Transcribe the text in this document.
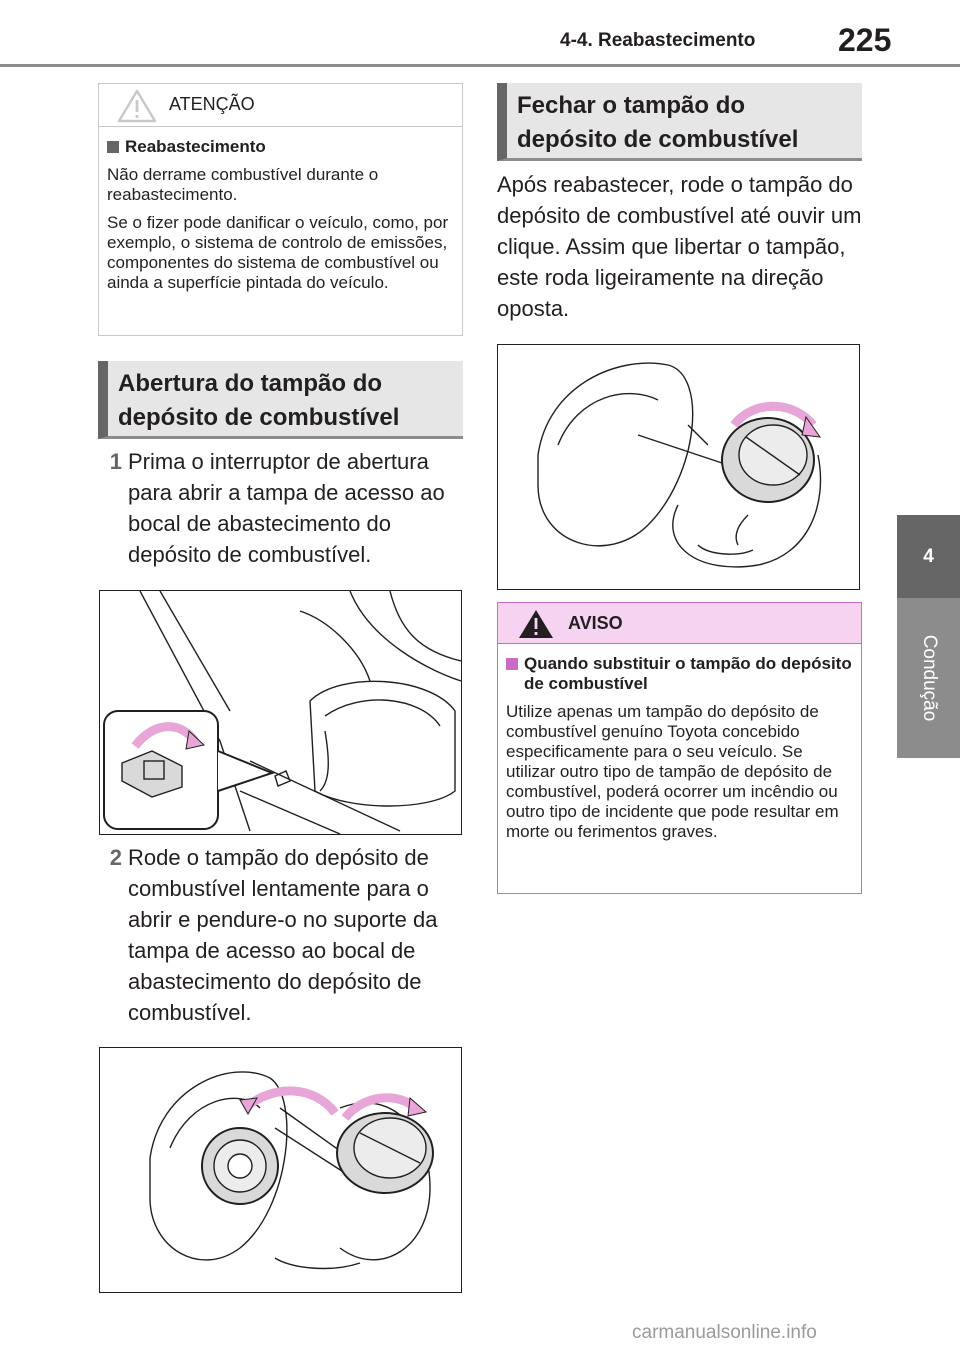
4-4. Reabastecimento	225
4
Condução
ATENÇÃO
Reabastecimento

Não derrame combustível durante o reabastecimento.

Se o fizer pode danificar o veículo, como, por exemplo, o sistema de controlo de emissões, componentes do sistema de combustível ou ainda a superfície pintada do veículo.

Abertura do tampão do
depósito de combustível
1 Prima o interruptor de abertura para abrir a tampa de acesso ao bocal de abastecimento do depósito de combustível.
2 Rode o tampão do depósito de combustível lentamente para o abrir e pendure-o no suporte da tampa de acesso ao bocal de abastecimento do depósito de combustível.
Fechar o tampão do
depósito de combustível
Após reabastecer, rode o tampão do depósito de combustível até ouvir um clique. Assim que libertar o tampão, este roda ligeiramente na direção oposta.
AVISO
Quando substituir o tampão do depósito de combustível

Utilize apenas um tampão do depósito de combustível genuíno Toyota concebido especificamente para o seu veículo. Se utilizar outro tipo de tampão de depósito de combustível, poderá ocorrer um incêndio ou outro tipo de incidente que pode resultar em morte ou ferimentos graves.

carmanualsonline.info
